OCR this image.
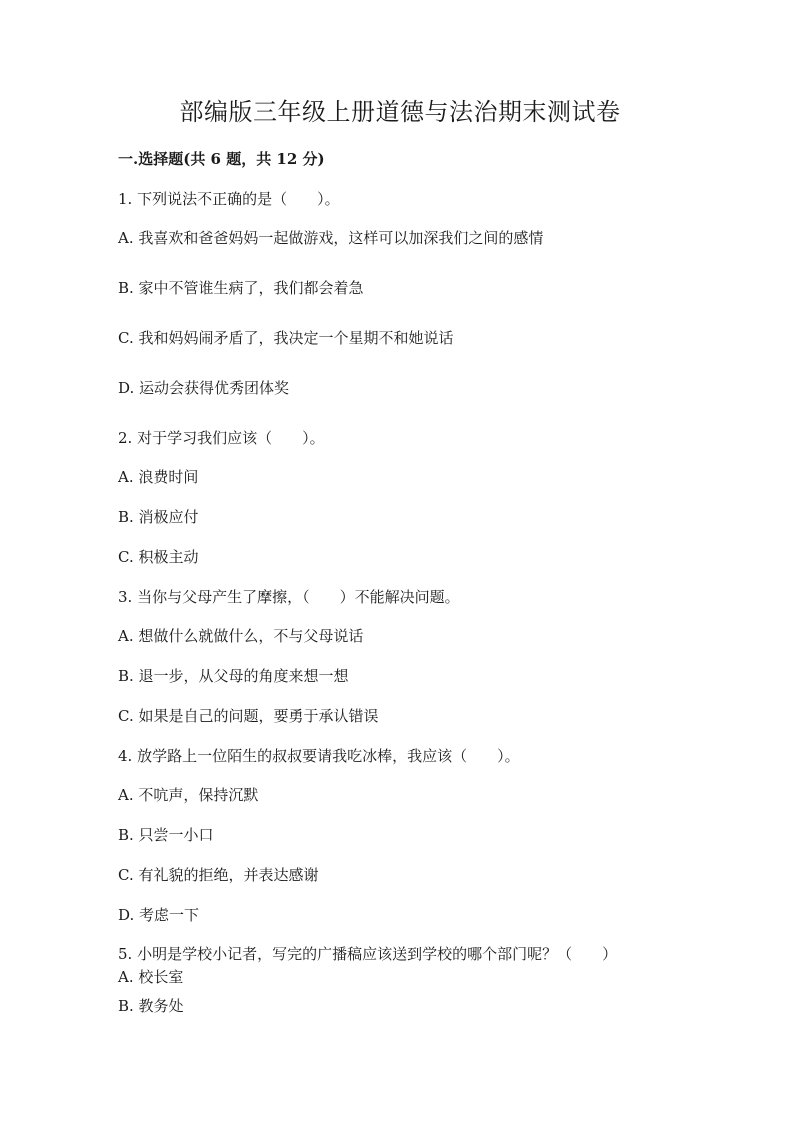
部编版三年级上册道德与法治期末测试卷
一.选择题(共 6 题，共 12 分)
1. 下列说法不正确的是（　　）。
A. 我喜欢和爸爸妈妈一起做游戏，这样可以加深我们之间的感情
B. 家中不管谁生病了，我们都会着急
C. 我和妈妈闹矛盾了，我决定一个星期不和她说话
D. 运动会获得优秀团体奖
2. 对于学习我们应该（　　）。
A. 浪费时间
B. 消极应付
C. 积极主动
3. 当你与父母产生了摩擦，（　　）不能解决问题。
A. 想做什么就做什么，不与父母说话
B. 退一步，从父母的角度来想一想
C. 如果是自己的问题，要勇于承认错误
4. 放学路上一位陌生的叔叔要请我吃冰棒，我应该（　　）。
A. 不吭声，保持沉默
B. 只尝一小口
C. 有礼貌的拒绝，并表达感谢
D. 考虑一下
5. 小明是学校小记者，写完的广播稿应该送到学校的哪个部门呢？（　　）
A. 校长室
B. 教务处
